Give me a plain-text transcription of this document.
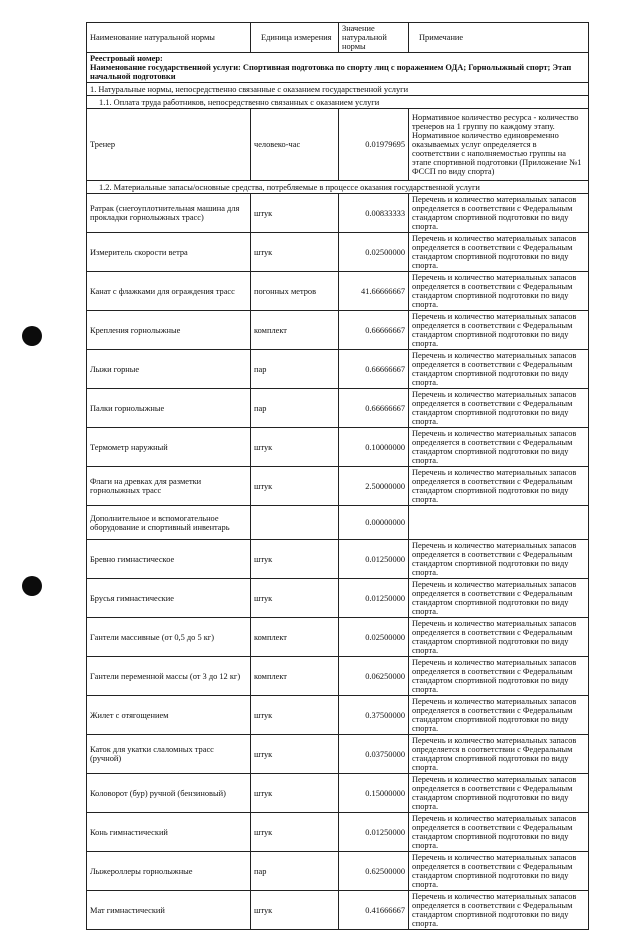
Наименование натуральной нормы	Единица измерения	Значение натуральной нормы	Примечание

Реестровый номер:
Наименование государственной услуги: Спортивная подготовка по спорту лиц с поражением ОДА; Горнолыжный спорт; Этап начальной подготовки			

1. Натуральные нормы, непосредственно связанные с оказанием государственной услуги			
1.1. Оплата труда работников, непосредственно связанных с оказанием услуги			
Тренер	человеко-час	0.01979695	Нормативное количество ресурса - количество тренеров на 1 группу по каждому этапу. Нормативное количество единовременно оказываемых услуг определяется в соответствии с наполняемостью группы на этапе спортивной подготовки (Приложение №1 ФССП по виду спорта)
1.2. Материальные запасы/основные средства, потребляемые в процессе оказания государственной услуги			
Ратрак (снегоуплотнительная машина для прокладки горнолыжных трасс)	штук	0.00833333	Перечень и количество материальных запасов определяется в соответствии с Федеральным стандартом спортивной подготовки по виду спорта.
Измеритель скорости ветра	штук	0.02500000	Перечень и количество материальных запасов определяется в соответствии с Федеральным стандартом спортивной подготовки по виду спорта.
Канат с флажками для ограждения трасс	погонных метров	41.66666667	Перечень и количество материальных запасов определяется в соответствии с Федеральным стандартом спортивной подготовки по виду спорта.
Крепления горнолыжные	комплект	0.66666667	Перечень и количество материальных запасов определяется в соответствии с Федеральным стандартом спортивной подготовки по виду спорта.
Лыжи горные	пар	0.66666667	Перечень и количество материальных запасов определяется в соответствии с Федеральным стандартом спортивной подготовки по виду спорта.
Палки горнолыжные	пар	0.66666667	Перечень и количество материальных запасов определяется в соответствии с Федеральным стандартом спортивной подготовки по виду спорта.
Термометр наружный	штук	0.10000000	Перечень и количество материальных запасов определяется в соответствии с Федеральным стандартом спортивной подготовки по виду спорта.
Флаги на древках для разметки горнолыжных трасс	штук	2.50000000	Перечень и количество материальных запасов определяется в соответствии с Федеральным стандартом спортивной подготовки по виду спорта.
Дополнительное и вспомогательное оборудование и спортивный инвентарь		0.00000000	
Бревно гимнастическое	штук	0.01250000	Перечень и количество материальных запасов определяется в соответствии с Федеральным стандартом спортивной подготовки по виду спорта.
Брусья гимнастические	штук	0.01250000	Перечень и количество материальных запасов определяется в соответствии с Федеральным стандартом спортивной подготовки по виду спорта.
Гантели массивные (от 0,5 до 5 кг)	комплект	0.02500000	Перечень и количество материальных запасов определяется в соответствии с Федеральным стандартом спортивной подготовки по виду спорта.
Гантели переменной массы (от 3 до 12 кг)	комплект	0.06250000	Перечень и количество материальных запасов определяется в соответствии с Федеральным стандартом спортивной подготовки по виду спорта.
Жилет с отягощением	штук	0.37500000	Перечень и количество материальных запасов определяется в соответствии с Федеральным стандартом спортивной подготовки по виду спорта.
Каток для укатки слаломных трасс (ручной)	штук	0.03750000	Перечень и количество материальных запасов определяется в соответствии с Федеральным стандартом спортивной подготовки по виду спорта.
Коловорот (бур) ручной (бензиновый)	штук	0.15000000	Перечень и количество материальных запасов определяется в соответствии с Федеральным стандартом спортивной подготовки по виду спорта.
Конь гимнастический	штук	0.01250000	Перечень и количество материальных запасов определяется в соответствии с Федеральным стандартом спортивной подготовки по виду спорта.
Лыжероллеры горнолыжные	пар	0.62500000	Перечень и количество материальных запасов определяется в соответствии с Федеральным стандартом спортивной подготовки по виду спорта.
Мат гимнастический	штук	0.41666667	Перечень и количество материальных запасов определяется в соответствии с Федеральным стандартом спортивной подготовки по виду спорта.
